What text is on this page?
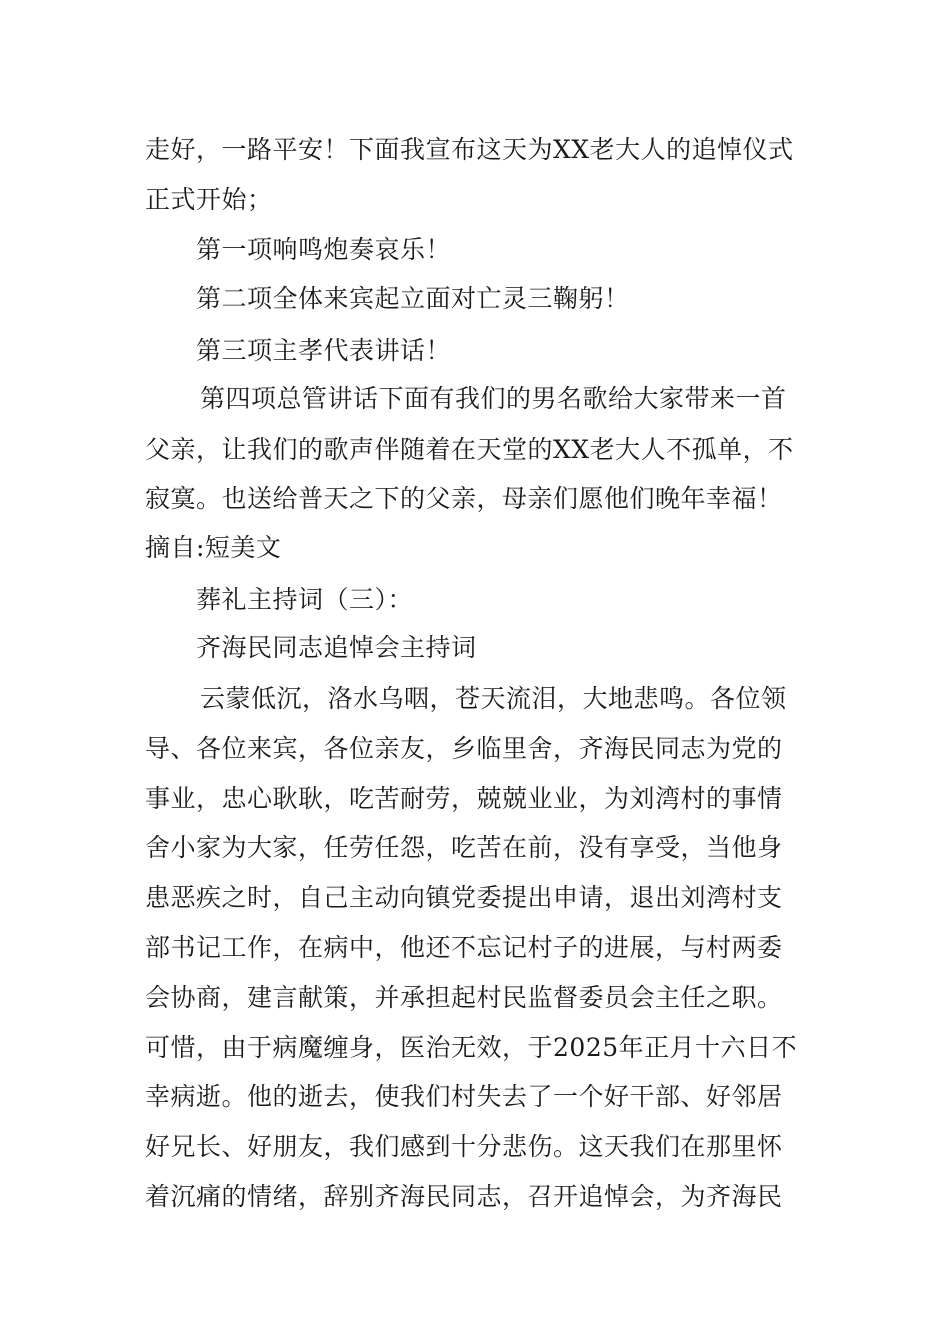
走好，一路平安！下面我宣布这天为XX老大人的追悼仪式
正式开始；
第一项响鸣炮奏哀乐！
第二项全体来宾起立面对亡灵三鞠躬！
第三项主孝代表讲话！
第四项总管讲话下面有我们的男名歌给大家带来一首
父亲，让我们的歌声伴随着在天堂的XX老大人不孤单，不
寂寞。也送给普天之下的父亲，母亲们愿他们晚年幸福！
摘自:短美文
葬礼主持词（三）：
齐海民同志追悼会主持词
云蒙低沉，洛水乌咽，苍天流泪，大地悲鸣。各位领
导、各位来宾，各位亲友，乡临里舍，齐海民同志为党的
事业，忠心耿耿，吃苦耐劳，兢兢业业，为刘湾村的事情
舍小家为大家，任劳任怨，吃苦在前，没有享受，当他身
患恶疾之时，自己主动向镇党委提出申请，退出刘湾村支
部书记工作，在病中，他还不忘记村子的进展，与村两委
会协商，建言献策，并承担起村民监督委员会主任之职。
可惜，由于病魔缠身，医治无效，于2025年正月十六日不
幸病逝。他的逝去，使我们村失去了一个好干部、好邻居
好兄长、好朋友，我们感到十分悲伤。这天我们在那里怀
着沉痛的情绪，辞别齐海民同志，召开追悼会，为齐海民
